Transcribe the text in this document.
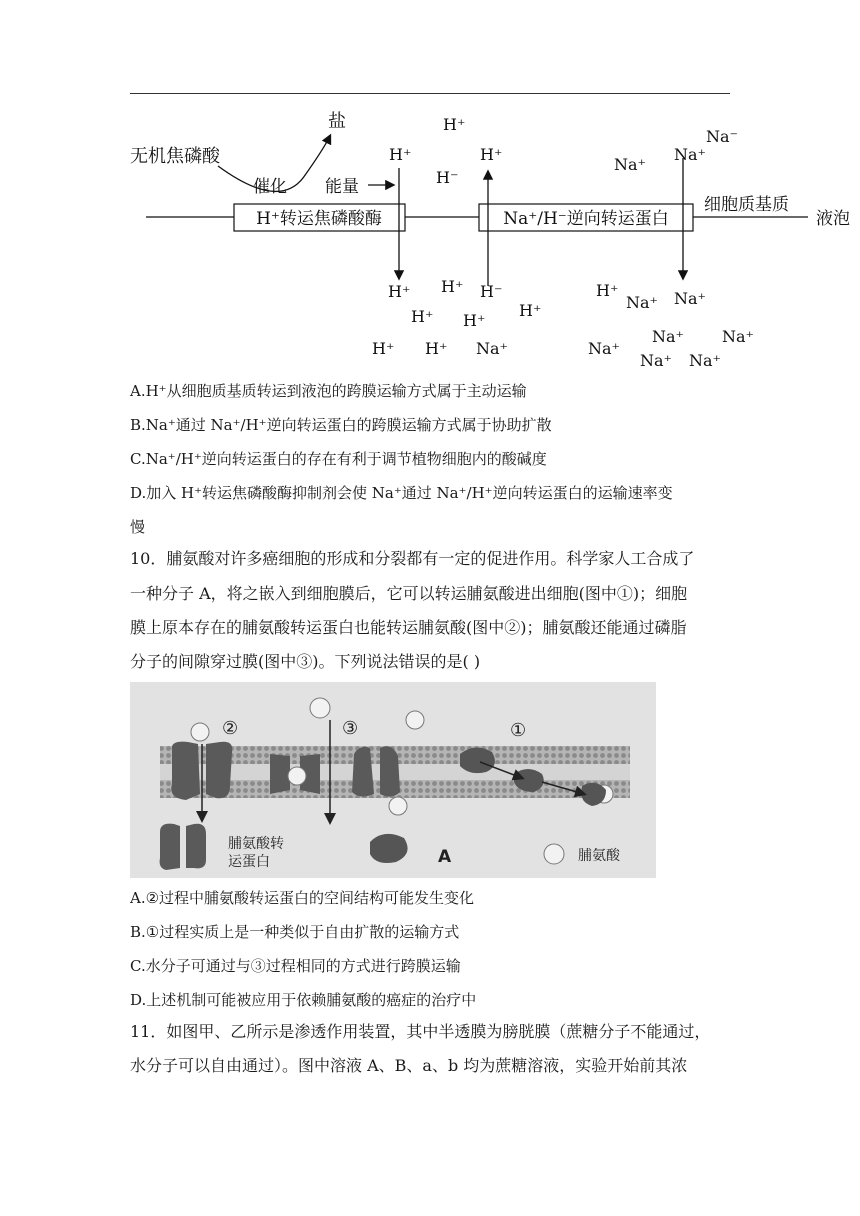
H⁺转运焦磷酸酶	Na⁺/H⁻逆向转运蛋白
无机焦磷酸
盐
催化 能量
细胞质基质
液泡
H⁺
H⁺
H⁻
H⁺
Na⁺
Na⁺
Na⁻
H⁺ H⁺ H⁻
H⁺ H⁺
H⁺
H⁺ H⁺ Na⁺
H⁺
Na⁺ Na⁺
Na⁺ Na⁺
Na⁺
Na⁺ Na⁺
A.H⁺从细胞质基质转运到液泡的跨膜运输方式属于主动运输
B.Na⁺通过 Na⁺/H⁺逆向转运蛋白的跨膜运输方式属于协助扩散
C.Na⁺/H⁺逆向转运蛋白的存在有利于调节植物细胞内的酸碱度
D.加入 H⁺转运焦磷酸酶抑制剂会使 Na⁺通过 Na⁺/H⁺逆向转运蛋白的运输速率变
慢
10．脯氨酸对许多癌细胞的形成和分裂都有一定的促进作用。科学家人工合成了
一种分子 A，将之嵌入到细胞膜后，它可以转运脯氨酸进出细胞(图中①)；细胞
膜上原本存在的脯氨酸转运蛋白也能转运脯氨酸(图中②)；脯氨酸还能通过磷脂
分子的间隙穿过膜(图中③)。下列说法错误的是( )
②	③	①
脯氨酸转
运蛋白	A	脯氨酸
A.②过程中脯氨酸转运蛋白的空间结构可能发生变化
B.①过程实质上是一种类似于自由扩散的运输方式
C.水分子可通过与③过程相同的方式进行跨膜运输
D.上述机制可能被应用于依赖脯氨酸的癌症的治疗中
11．如图甲、乙所示是渗透作用装置，其中半透膜为膀胱膜（蔗糖分子不能通过，
水分子可以自由通过）。图中溶液 A、B、a、b 均为蔗糖溶液，实验开始前其浓
